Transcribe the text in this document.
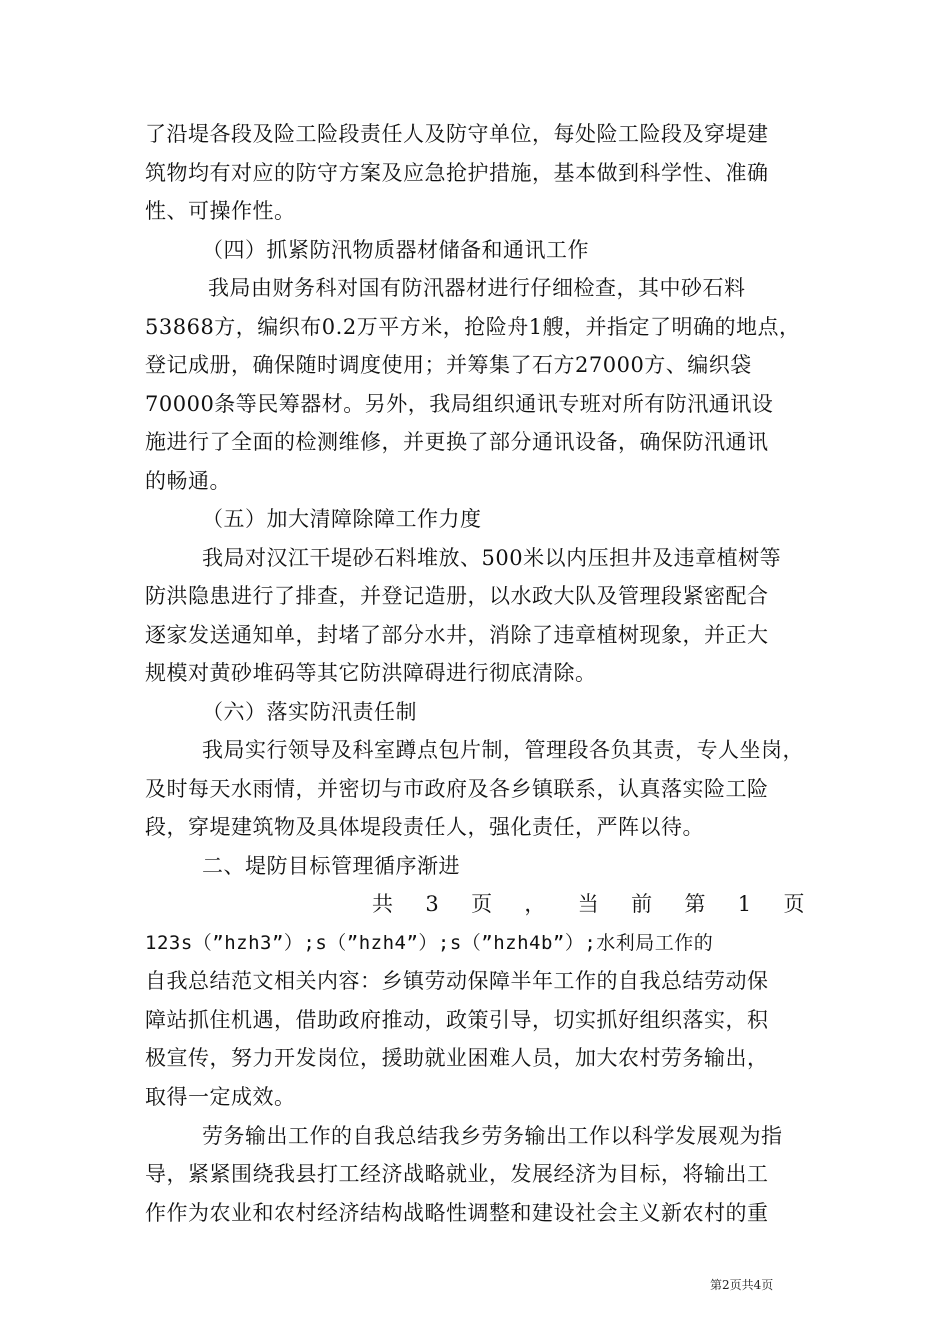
了沿堤各段及险工险段责任人及防守单位，每处险工险段及穿堤建
筑物均有对应的防守方案及应急抢护措施，基本做到科学性、准确
性、可操作性。
（四）抓紧防汛物质器材储备和通讯工作
我局由财务科对国有防汛器材进行仔细检查，其中砂石料
53868方，编织布0.2万平方米，抢险舟1艘，并指定了明确的地点，
登记成册，确保随时调度使用；并筹集了石方27000方、编织袋
70000条等民筹器材。另外，我局组织通讯专班对所有防汛通讯设
施进行了全面的检测维修，并更换了部分通讯设备，确保防汛通讯
的畅通。
（五）加大清障除障工作力度
我局对汉江干堤砂石料堆放、500米以内压担井及违章植树等
防洪隐患进行了排查，并登记造册，以水政大队及管理段紧密配合
逐家发送通知单，封堵了部分水井，消除了违章植树现象，并正大
规模对黄砂堆码等其它防洪障碍进行彻底清除。
（六）落实防汛责任制
我局实行领导及科室蹲点包片制，管理段各负其责，专人坐岗，
及时每天水雨情，并密切与市政府及各乡镇联系，认真落实险工险
段，穿堤建筑物及具体堤段责任人，强化责任，严阵以待。
二、堤防目标管理循序渐进
共 3 页 ， 当 前 第 1 页
123s（”hzh3”）;s（”hzh4”）;s（”hzh4b”）;水利局工作的
自我总结范文相关内容：乡镇劳动保障半年工作的自我总结劳动保
障站抓住机遇，借助政府推动，政策引导，切实抓好组织落实，积
极宣传，努力开发岗位，援助就业困难人员，加大农村劳务输出，
取得一定成效。
劳务输出工作的自我总结我乡劳务输出工作以科学发展观为指
导，紧紧围绕我县打工经济战略就业，发展经济为目标，将输出工
作作为农业和农村经济结构战略性调整和建设社会主义新农村的重
第2页共4页
